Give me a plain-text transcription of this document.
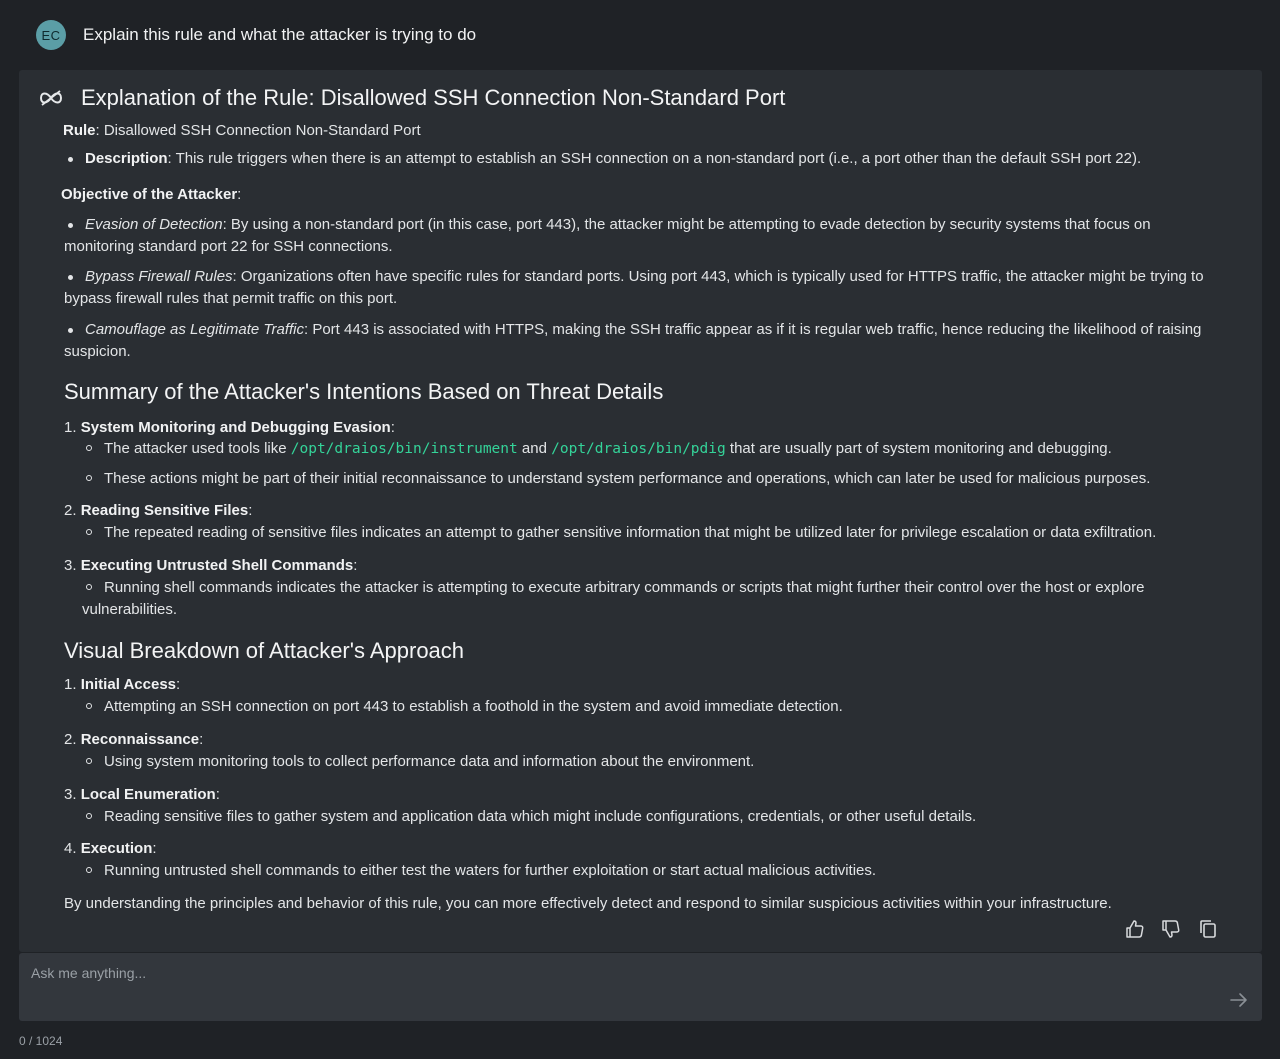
EC	Explain this rule and what the attacker is trying to do
Explanation of the Rule: Disallowed SSH Connection Non-Standard Port
Rule: Disallowed SSH Connection Non-Standard Port
Description: This rule triggers when there is an attempt to establish an SSH connection on a non-standard port (i.e., a port other than the default SSH port 22).
Objective of the Attacker:
Evasion of Detection: By using a non-standard port (in this case, port 443), the attacker might be attempting to evade detection by security systems that focus on
monitoring standard port 22 for SSH connections.
Bypass Firewall Rules: Organizations often have specific rules for standard ports. Using port 443, which is typically used for HTTPS traffic, the attacker might be trying to
bypass firewall rules that permit traffic on this port.
Camouflage as Legitimate Traffic: Port 443 is associated with HTTPS, making the SSH traffic appear as if it is regular web traffic, hence reducing the likelihood of raising
suspicion.
Summary of the Attacker's Intentions Based on Threat Details
1. System Monitoring and Debugging Evasion:
The attacker used tools like /opt/draios/bin/instrument and /opt/draios/bin/pdig that are usually part of system monitoring and debugging.
These actions might be part of their initial reconnaissance to understand system performance and operations, which can later be used for malicious purposes.
2. Reading Sensitive Files:
The repeated reading of sensitive files indicates an attempt to gather sensitive information that might be utilized later for privilege escalation or data exfiltration.
3. Executing Untrusted Shell Commands:
Running shell commands indicates the attacker is attempting to execute arbitrary commands or scripts that might further their control over the host or explore
vulnerabilities.
Visual Breakdown of Attacker's Approach
1. Initial Access:
Attempting an SSH connection on port 443 to establish a foothold in the system and avoid immediate detection.
2. Reconnaissance:
Using system monitoring tools to collect performance data and information about the environment.
3. Local Enumeration:
Reading sensitive files to gather system and application data which might include configurations, credentials, or other useful details.
4. Execution:
Running untrusted shell commands to either test the waters for further exploitation or start actual malicious activities.
By understanding the principles and behavior of this rule, you can more effectively detect and respond to similar suspicious activities within your infrastructure.
Ask me anything...
0 / 1024
